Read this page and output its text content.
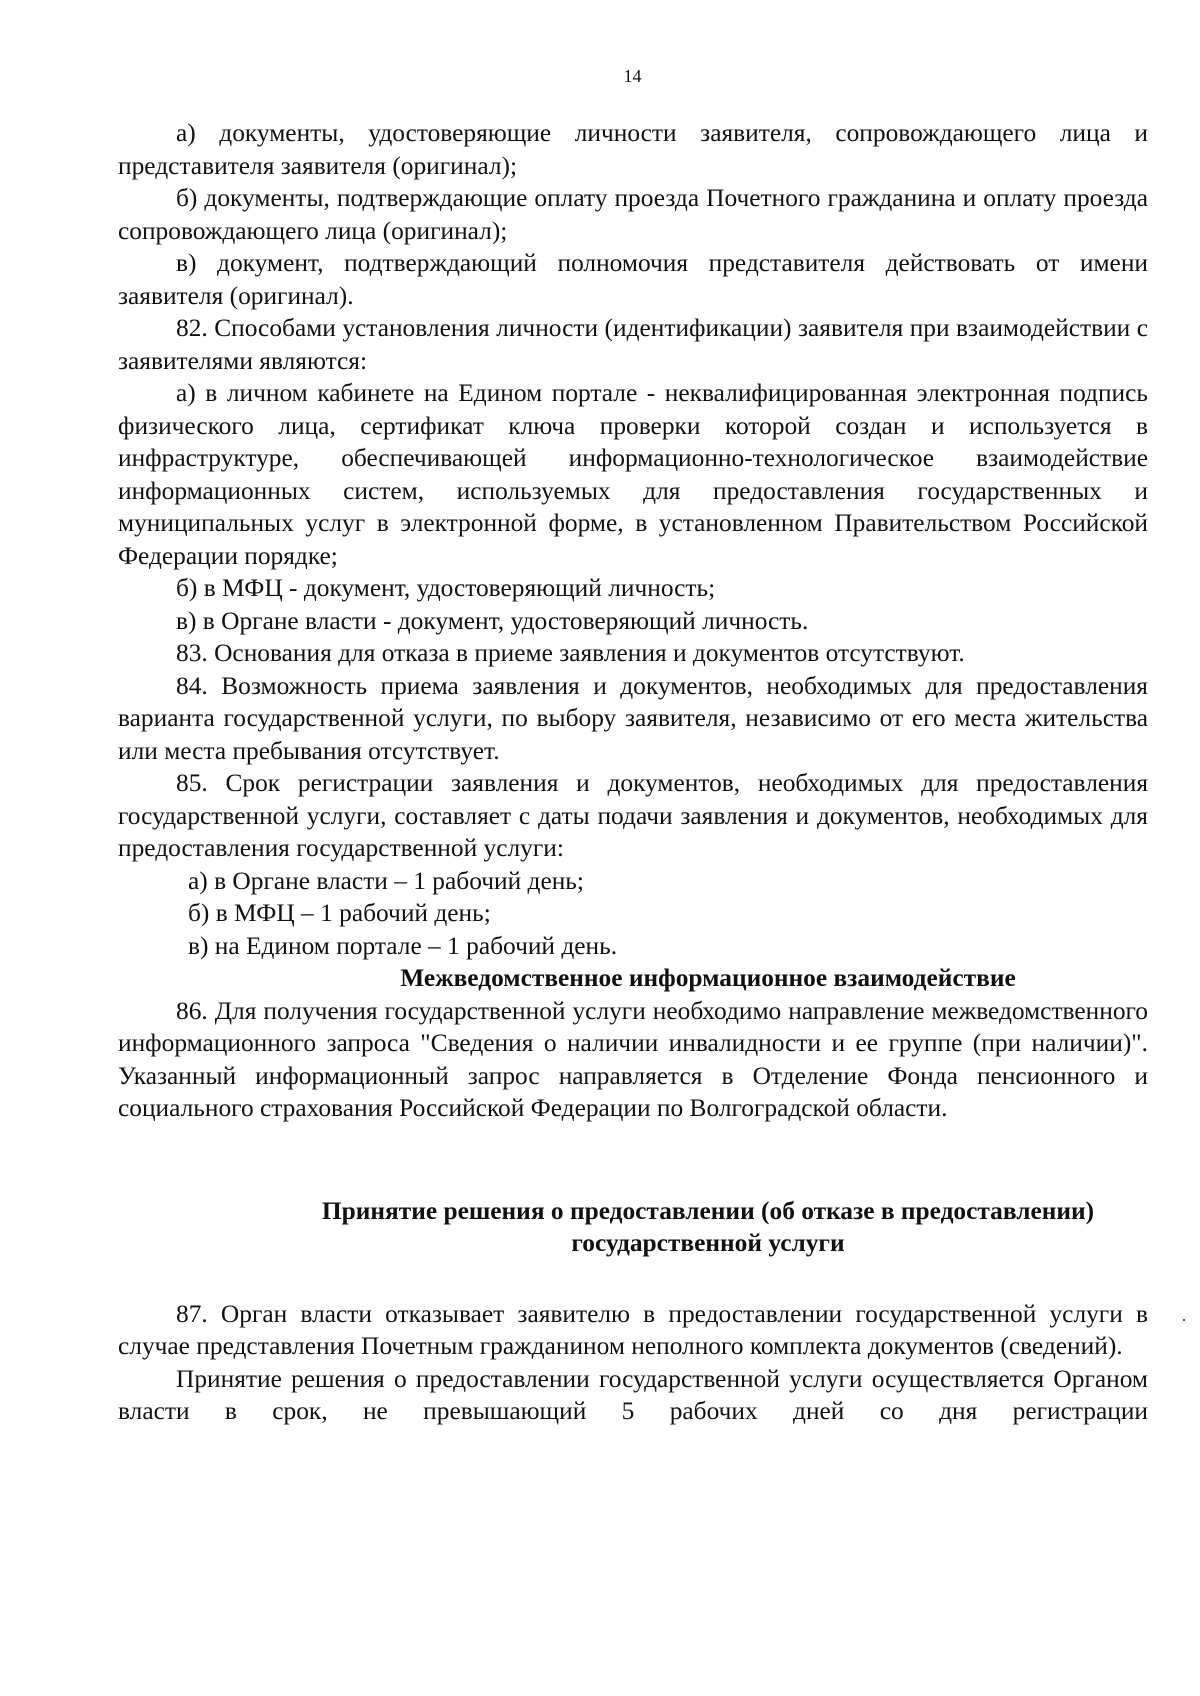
14

а) документы, удостоверяющие личности заявителя, сопровождающего лица и представителя заявителя (оригинал);

б) документы, подтверждающие оплату проезда Почетного гражданина и оплату проезда сопровождающего лица (оригинал);

в) документ, подтверждающий полномочия представителя действовать от имени заявителя (оригинал).

82. Способами установления личности (идентификации) заявителя при взаимодействии с заявителями являются:

а) в личном кабинете на Едином портале - неквалифицированная электронная подпись физического лица, сертификат ключа проверки которой создан и используется в инфраструктуре, обеспечивающей информационно-технологическое взаимодействие информационных систем, используемых для предоставления государственных и муниципальных услуг в электронной форме, в установленном Правительством Российской Федерации порядке;

б) в МФЦ - документ, удостоверяющий личность;

в) в Органе власти - документ, удостоверяющий личность.

83. Основания для отказа в приеме заявления и документов отсутствуют.

84. Возможность приема заявления и документов, необходимых для предоставления варианта государственной услуги, по выбору заявителя, независимо от его места жительства или места пребывания отсутствует.

85. Срок регистрации заявления и документов, необходимых для предоставления государственной услуги, составляет с даты подачи заявления и документов, необходимых для предоставления государственной услуги:

а) в Органе власти – 1 рабочий день;

б) в МФЦ – 1 рабочий день;

в) на Едином портале – 1 рабочий день.

Межведомственное информационное взаимодействие

86. Для получения государственной услуги необходимо направление межведомственного информационного запроса "Сведения о наличии инвалидности и ее группе (при наличии)". Указанный информационный запрос направляется в Отделение Фонда пенсионного и социального страхования Российской Федерации по Волгоградской области.

Принятие решения о предоставлении (об отказе в предоставлении)
государственной услуги

87. Орган власти отказывает заявителю в предоставлении государственной услуги в случае представления Почетным гражданином неполного комплекта документов (сведений).

Принятие решения о предоставлении государственной услуги осуществляется Органом власти в срок, не превышающий 5 рабочих дней со дня регистрации
